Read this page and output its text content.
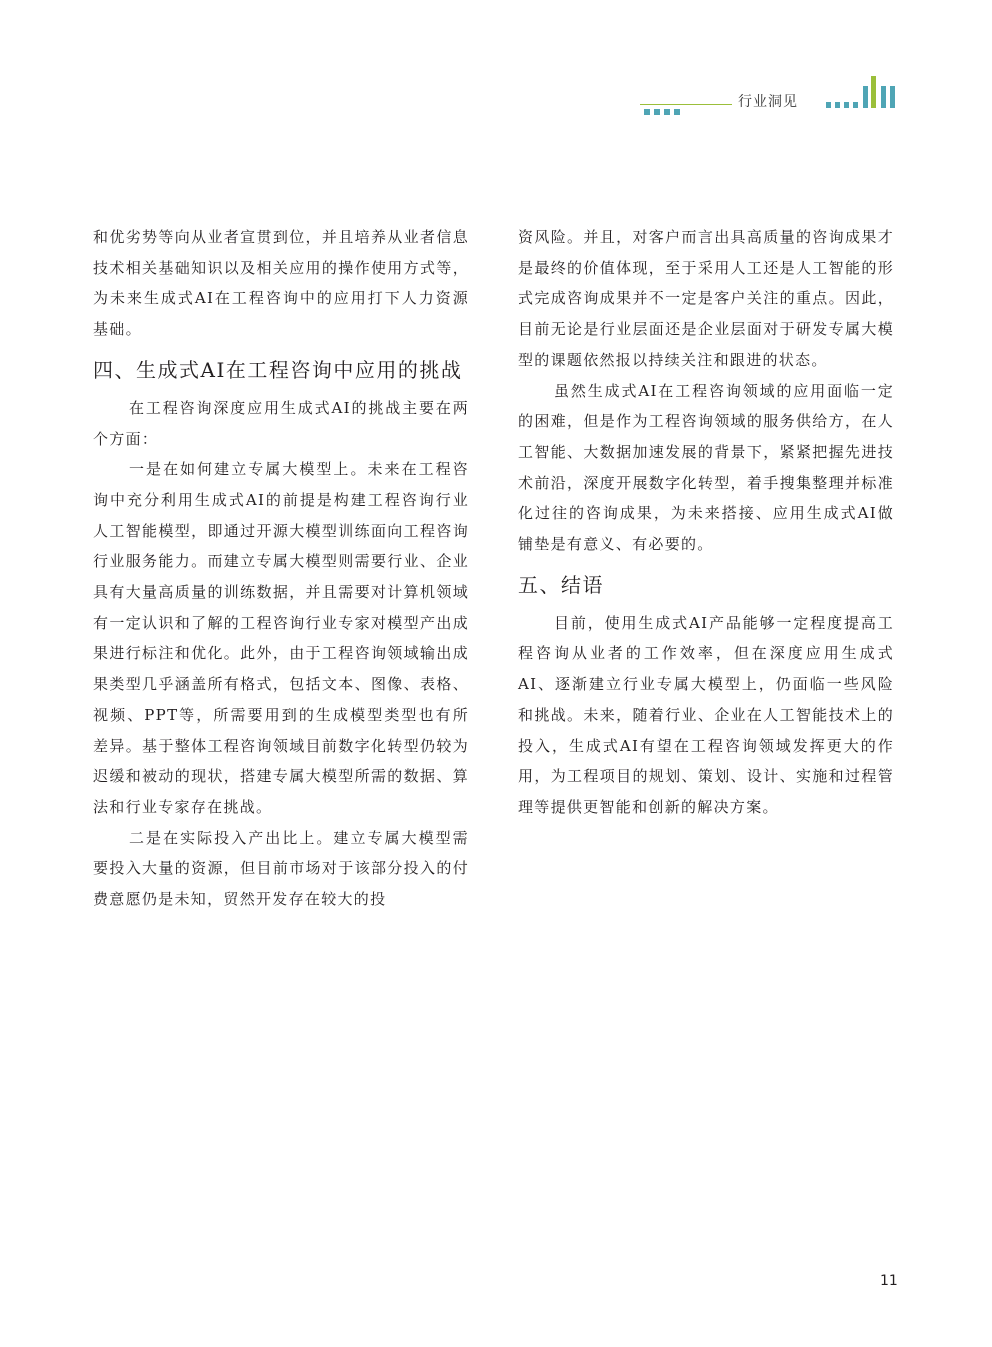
行业洞见

和优劣势等向从业者宣贯到位，并且培养从业者信息技术相关基础知识以及相关应用的操作使用方式等，为未来生成式AI在工程咨询中的应用打下人力资源基础。

四、生成式AI在工程咨询中应用的挑战

在工程咨询深度应用生成式AI的挑战主要在两个方面：

一是在如何建立专属大模型上。未来在工程咨询中充分利用生成式AI的前提是构建工程咨询行业人工智能模型，即通过开源大模型训练面向工程咨询行业服务能力。而建立专属大模型则需要行业、企业具有大量高质量的训练数据，并且需要对计算机领域有一定认识和了解的工程咨询行业专家对模型产出成果进行标注和优化。此外，由于工程咨询领域输出成果类型几乎涵盖所有格式，包括文本、图像、表格、视频、PPT等，所需要用到的生成模型类型也有所差异。基于整体工程咨询领域目前数字化转型仍较为迟缓和被动的现状，搭建专属大模型所需的数据、算法和行业专家存在挑战。

二是在实际投入产出比上。建立专属大模型需要投入大量的资源，但目前市场对于该部分投入的付费意愿仍是未知，贸然开发存在较大的投

资风险。并且，对客户而言出具高质量的咨询成果才是最终的价值体现，至于采用人工还是人工智能的形式完成咨询成果并不一定是客户关注的重点。因此，目前无论是行业层面还是企业层面对于研发专属大模型的课题依然报以持续关注和跟进的状态。

虽然生成式AI在工程咨询领域的应用面临一定的困难，但是作为工程咨询领域的服务供给方，在人工智能、大数据加速发展的背景下，紧紧把握先进技术前沿，深度开展数字化转型，着手搜集整理并标准化过往的咨询成果，为未来搭接、应用生成式AI做铺垫是有意义、有必要的。

五、结语

目前，使用生成式AI产品能够一定程度提高工程咨询从业者的工作效率，但在深度应用生成式AI、逐渐建立行业专属大模型上，仍面临一些风险和挑战。未来，随着行业、企业在人工智能技术上的投入，生成式AI有望在工程咨询领域发挥更大的作用，为工程项目的规划、策划、设计、实施和过程管理等提供更智能和创新的解决方案。

11
